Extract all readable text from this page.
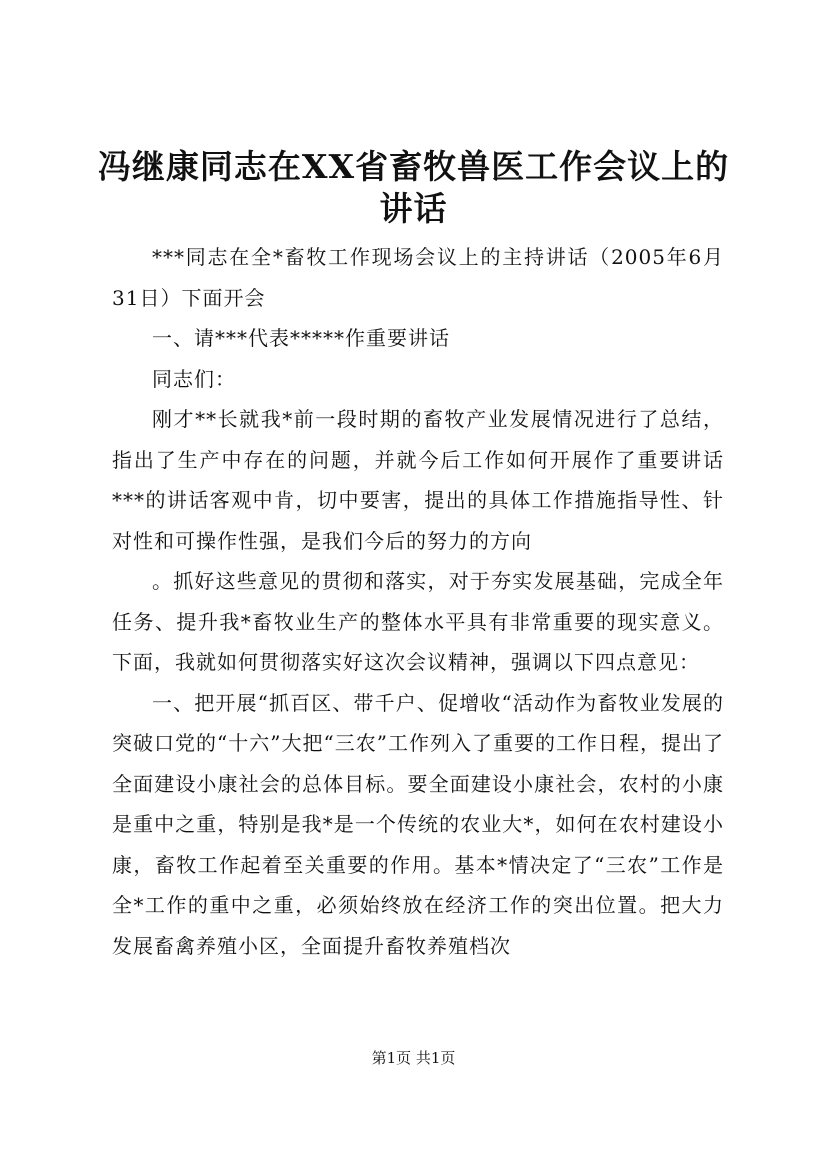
冯继康同志在XX省畜牧兽医工作会议上的讲话

***同志在全*畜牧工作现场会议上的主持讲话（2005年6月31日）下面开会

一、请***代表*****作重要讲话

同志们：

刚才**长就我*前一段时期的畜牧产业发展情况进行了总结，指出了生产中存在的问题，并就今后工作如何开展作了重要讲话***的讲话客观中肯，切中要害，提出的具体工作措施指导性、针对性和可操作性强，是我们今后的努力的方向

。抓好这些意见的贯彻和落实，对于夯实发展基础，完成全年任务、提升我*畜牧业生产的整体水平具有非常重要的现实意义。下面，我就如何贯彻落实好这次会议精神，强调以下四点意见：

一、把开展“抓百区、带千户、促增收“活动作为畜牧业发展的突破口党的“十六”大把“三农”工作列入了重要的工作日程，提出了全面建设小康社会的总体目标。要全面建设小康社会，农村的小康是重中之重，特别是我*是一个传统的农业大*，如何在农村建设小康，畜牧工作起着至关重要的作用。基本*情决定了“三农”工作是全*工作的重中之重，必须始终放在经济工作的突出位置。把大力发展畜禽养殖小区，全面提升畜牧养殖档次

第1页 共1页
